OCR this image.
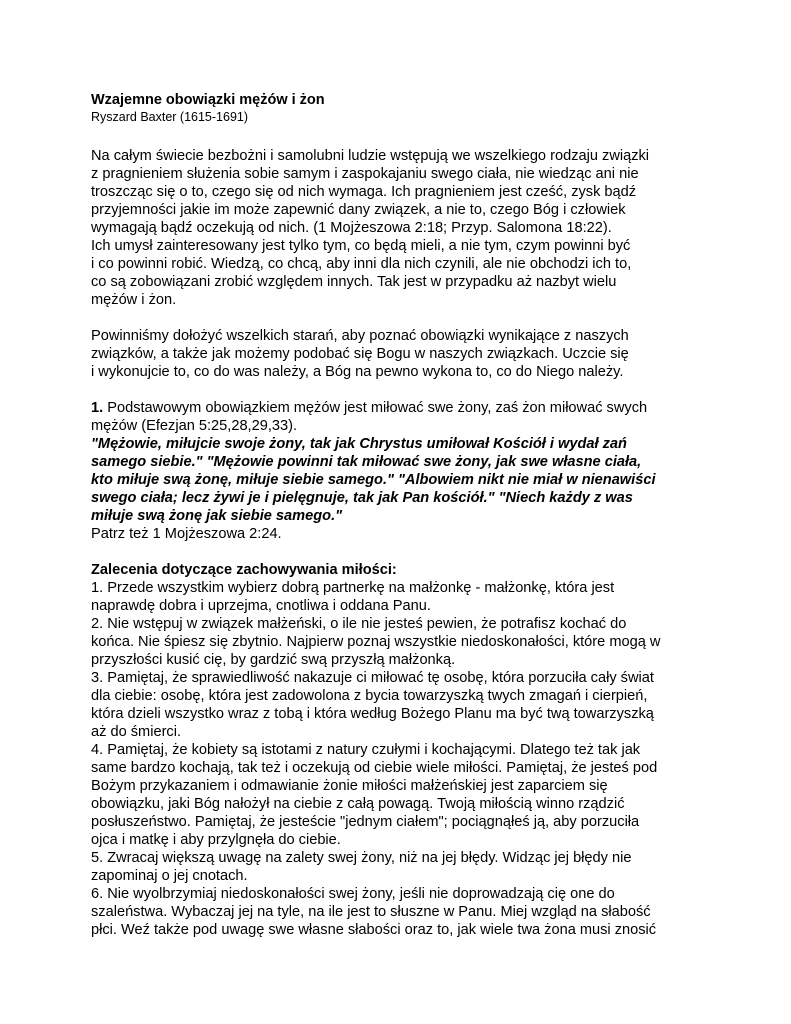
Wzajemne obowiązki mężów i żon

Ryszard Baxter (1615-1691)

Na całym świecie bezbożni i samolubni ludzie wstępują we wszelkiego rodzaju związki
z pragnieniem służenia sobie samym i zaspokajaniu swego ciała, nie wiedząc ani nie
troszcząc się o to, czego się od nich wymaga. Ich pragnieniem jest cześć, zysk bądź
przyjemności jakie im może zapewnić dany związek, a nie to, czego Bóg i człowiek
wymagają bądź oczekują od nich. (1 Mojżeszowa 2:18; Przyp. Salomona 18:22).
Ich umysł zainteresowany jest tylko tym, co będą mieli, a nie tym, czym powinni być
i co powinni robić. Wiedzą, co chcą, aby inni dla nich czynili, ale nie obchodzi ich to,
co są zobowiązani zrobić względem innych. Tak jest w przypadku aż nazbyt wielu
mężów i żon.
Powinniśmy dołożyć wszelkich starań, aby poznać obowiązki wynikające z naszych
związków, a także jak możemy podobać się Bogu w naszych związkach. Uczcie się
i wykonujcie to, co do was należy, a Bóg na pewno wykona to, co do Niego należy.
1. Podstawowym obowiązkiem mężów jest miłować swe żony, zaś żon miłować swych
mężów (Efezjan 5:25,28,29,33).
"Mężowie, miłujcie swoje żony, tak jak Chrystus umiłował Kościół i wydał zań
samego siebie." "Mężowie powinni tak miłować swe żony, jak swe własne ciała,
kto miłuje swą żonę, miłuje siebie samego." "Albowiem nikt nie miał w nienawiści
swego ciała; lecz żywi je i pielęgnuje, tak jak Pan kościół." "Niech każdy z was
miłuje swą żonę jak siebie samego."
Patrz też 1 Mojżeszowa 2:24.
Zalecenia dotyczące zachowywania miłości:
1. Przede wszystkim wybierz dobrą partnerkę na małżonkę - małżonkę, która jest
naprawdę dobra i uprzejma, cnotliwa i oddana Panu.
2. Nie wstępuj w związek małżeński, o ile nie jesteś pewien, że potrafisz kochać do
końca. Nie śpiesz się zbytnio. Najpierw poznaj wszystkie niedoskonałości, które mogą w
przyszłości kusić cię, by gardzić swą przyszłą małżonką.
3. Pamiętaj, że sprawiedliwość nakazuje ci miłować tę osobę, która porzuciła cały świat
dla ciebie: osobę, która jest zadowolona z bycia towarzyszką twych zmagań i cierpień,
która dzieli wszystko wraz z tobą i która według Bożego Planu ma być twą towarzyszką
aż do śmierci.
4. Pamiętaj, że kobiety są istotami z natury czułymi i kochającymi. Dlatego też tak jak
same bardzo kochają, tak też i oczekują od ciebie wiele miłości. Pamiętaj, że jesteś pod
Bożym przykazaniem i odmawianie żonie miłości małżeńskiej jest zaparciem się
obowiązku, jaki Bóg nałożył na ciebie z całą powagą. Twoją miłością winno rządzić
posłuszeństwo. Pamiętaj, że jesteście "jednym ciałem"; pociągnąłeś ją, aby porzuciła
ojca i matkę i aby przylgnęła do ciebie.
5. Zwracaj większą uwagę na zalety swej żony, niż na jej błędy. Widząc jej błędy nie
zapominaj o jej cnotach.
6. Nie wyolbrzymiaj niedoskonałości swej żony, jeśli nie doprowadzają cię one do
szaleństwa. Wybaczaj jej na tyle, na ile jest to słuszne w Panu. Miej wzgląd na słabość
płci. Weź także pod uwagę swe własne słabości oraz to, jak wiele twa żona musi znosić
